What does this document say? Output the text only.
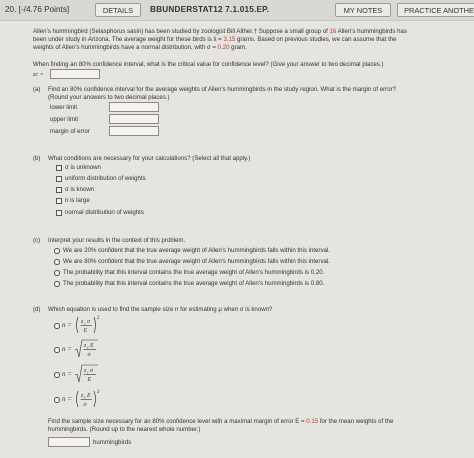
20. [-/4.76 Points]	DETAILS	BBUNDERSTAT12 7.1.015.EP.	MY NOTES	PRACTICE ANOTHE
Allen's hummingbird (Selasphorus sasin) has been studied by zoologist Bill Alther.† Suppose a small group of 16 Allen's hummingbirds has
been under study in Arizona. The average weight for these birds is x̄ = 3.15 grams. Based on previous studies, we can assume that the
weights of Allen's hummingbirds have a normal distribution, with σ = 0.20 gram.
When finding an 80% confidence interval, what is the critical value for confidence level? (Give your answer to two decimal places.)
zc =
(a) Find an 80% confidence interval for the average weights of Allen's hummingbirds in the study region. What is the margin of error?
(Round your answers to two decimal places.)
lower limit
upper limit
margin of error
(b) What conditions are necessary for your calculations? (Select all that apply.)
σ is unknown
uniform distribution of weights
σ is known
n is large
normal distribution of weights
(c) Interpret your results in the context of this problem.
We are 20% confident that the true average weight of Allen's hummingbirds falls within this interval.
We are 80% confident that the true average weight of Allen's hummingbirds falls within this interval.
The probability that this interval contains the true average weight of Allen's hummingbirds is 0.20.
The probability that this interval contains the true average weight of Allen's hummingbirds is 0.80.
(d) Which equation is used to find the sample size n for estimating μ when σ is known?
n = z c σ
E
2
n = z c E
σ
n = z c σ
E
n = z c E
σ
2
Find the sample size necessary for an 80% confidence level with a maximal margin of error E = 0.15 for the mean weights of the
hummingbirds. (Round up to the nearest whole number.)
hummingbirds
